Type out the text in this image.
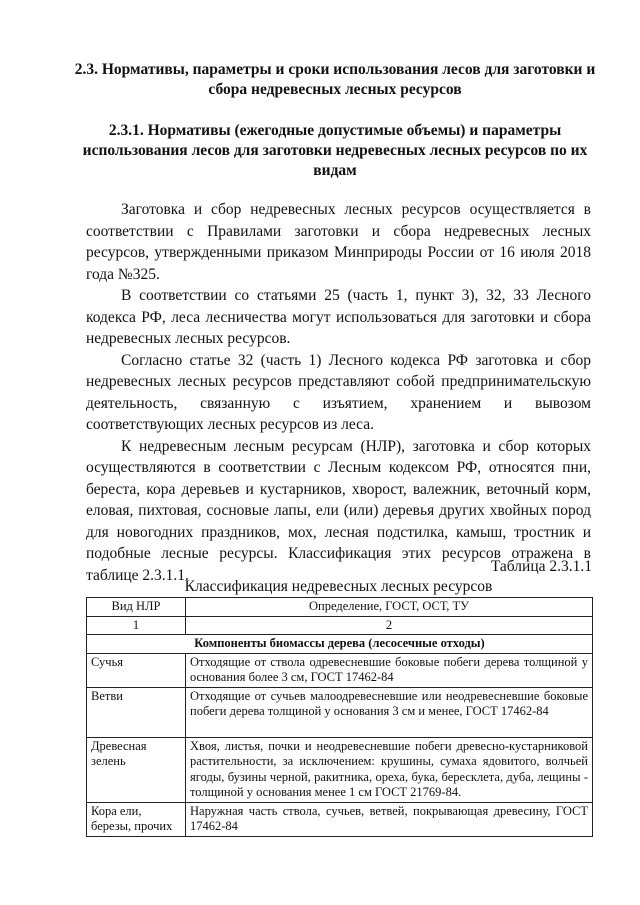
2.3. Нормативы, параметры и сроки использования лесов для заготовки и сбора недревесных лесных ресурсов
2.3.1. Нормативы (ежегодные допустимые объемы) и параметры использования лесов для заготовки недревесных лесных ресурсов по их видам

Заготовка и сбор недревесных лесных ресурсов осуществляется в соответствии с Правилами заготовки и сбора недревесных лесных ресурсов, утвержденными приказом Минприроды России от 16 июля 2018 года №325.

В соответствии со статьями 25 (часть 1, пункт 3), 32, 33 Лесного кодекса РФ, леса лесничества могут использоваться для заготовки и сбора недревесных лесных ресурсов.

Согласно статье 32 (часть 1) Лесного кодекса РФ заготовка и сбор недревесных лесных ресурсов представляют собой предпринимательскую деятельность, связанную с изъятием, хранением и вывозом соответствующих лесных ресурсов из леса.

К недревесным лесным ресурсам (НЛР), заготовка и сбор которых осуществляются в соответствии с Лесным кодексом РФ, относятся пни, береста, кора деревьев и кустарников, хворост, валежник, веточный корм, еловая, пихтовая, сосновые лапы, ели (или) деревья других хвойных пород для новогодних праздников, мох, лесная подстилка, камыш, тростник и подобные лесные ресурсы. Классификация этих ресурсов отражена в таблице 2.3.1.1.	Таблица 2.3.1.1
Классификация недревесных лесных ресурсов
Вид НЛР	Определение, ГОСТ, ОСТ, ТУ
1	2
Компоненты биомассы дерева (лесосечные отходы)	
Сучья	Отходящие от ствола одревесневшие боковые побеги дерева толщиной у основания более 3 см, ГОСТ 17462-84
Ветви	Отходящие от сучьев малоодревесневшие или неодревесневшие боковые побеги дерева толщиной у основания 3 см и менее, ГОСТ 17462-84
Древесная зелень	Хвоя, листья, почки и неодревесневшие побеги древесно-кустарниковой растительности, за исключением: крушины, сумаха ядовитого, волчьей ягоды, бузины черной, ракитника, ореха, бука, бересклета, дуба, лещины - толщиной у основания менее 1 см ГОСТ 21769-84.
Кора ели, березы, прочих	Наружная часть ствола, сучьев, ветвей, покрывающая древесину, ГОСТ 17462-84
